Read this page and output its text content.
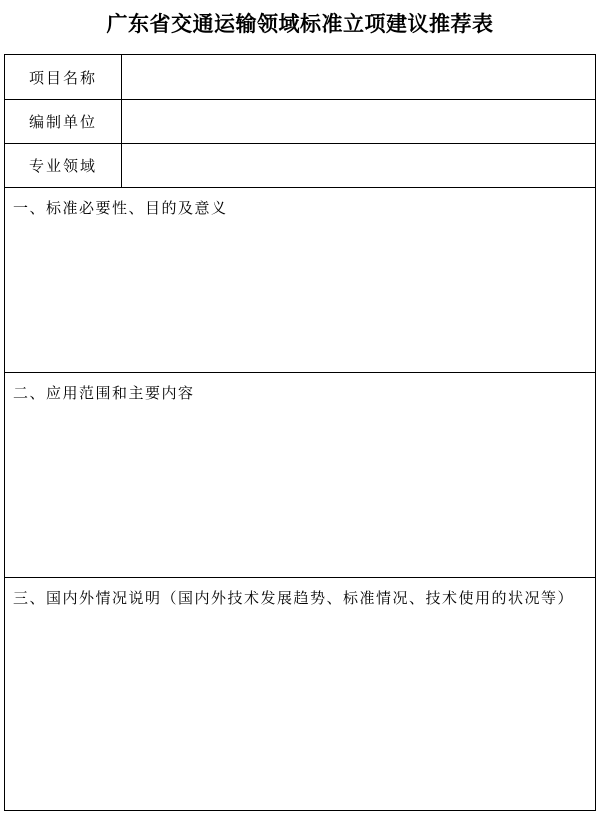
广东省交通运输领域标准立项建议推荐表
项目名称
编制单位
专业领域
一、标准必要性、目的及意义
二、应用范围和主要内容
三、国内外情况说明（国内外技术发展趋势、标准情况、技术使用的状况等）
